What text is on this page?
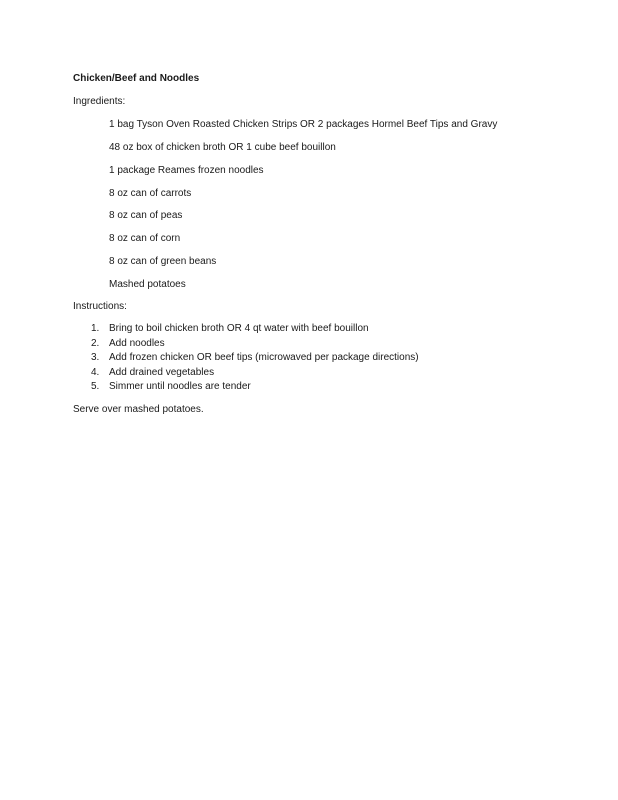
Chicken/Beef and Noodles
Ingredients:
1 bag Tyson Oven Roasted Chicken Strips OR 2 packages Hormel Beef Tips and Gravy
48 oz box of chicken broth OR 1 cube beef bouillon
1 package Reames frozen noodles
8 oz can of carrots
8 oz can of peas
8 oz can of corn
8 oz can of green beans
Mashed potatoes
Instructions:
1. Bring to boil chicken broth OR 4 qt water with beef bouillon
2. Add noodles
3. Add frozen chicken OR beef tips (microwaved per package directions)
4. Add drained vegetables
5. Simmer until noodles are tender
Serve over mashed potatoes.
